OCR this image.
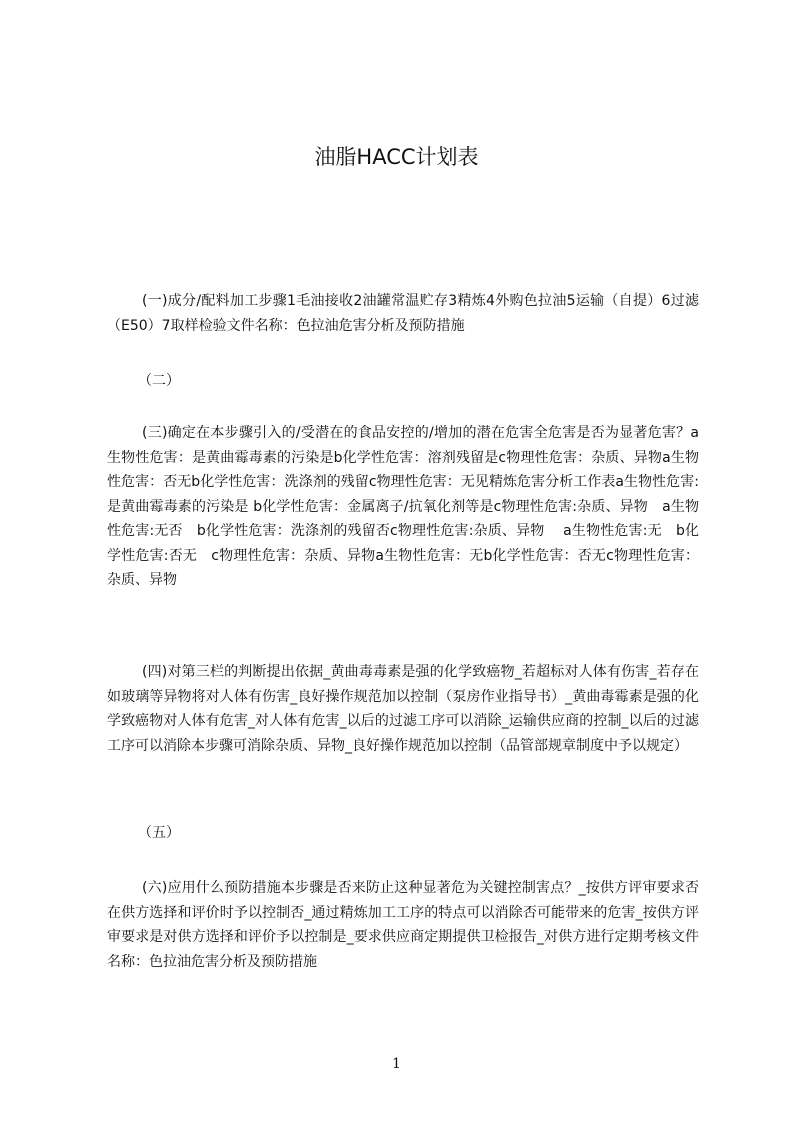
油脂HACC计划表
(一)成分/配料加工步骤1毛油接收2油罐常温贮存3精炼4外购色拉油5运输（自提）6过滤（E50）7取样检验文件名称：色拉油危害分析及预防措施
（二）
(三)确定在本步骤引入的/受潜在的食品安控的/增加的潜在危害全危害是否为显著危害？a生物性危害：是黄曲霉毒素的污染是b化学性危害：溶剂残留是c物理性危害：杂质、异物a生物性危害：否无b化学性危害：洗涤剂的残留c物理性危害：无见精炼危害分析工作表a生物性危害:是黄曲霉毒素的污染是 b化学性危害：金属离子/抗氧化剂等是c物理性危害:杂质、异物　a生物性危害:无否　b化学性危害：洗涤剂的残留否c物理性危害:杂质、异物　 a生物性危害:无　b化学性危害:否无　c物理性危害：杂质、异物a生物性危害：无b化学性危害：否无c物理性危害：杂质、异物
(四)对第三栏的判断提出依据_黄曲毒毒素是强的化学致癌物_若超标对人体有伤害_若存在如玻璃等异物将对人体有伤害_良好操作规范加以控制（泵房作业指导书）_黄曲毒霉素是强的化学致癌物对人体有危害_对人体有危害_以后的过滤工序可以消除_运输供应商的控制_以后的过滤工序可以消除本步骤可消除杂质、异物_良好操作规范加以控制（品管部规章制度中予以规定）
（五）
(六)应用什么预防措施本步骤是否来防止这种显著危为关键控制害点？_按供方评审要求否在供方选择和评价时予以控制否_通过精炼加工工序的特点可以消除否可能带来的危害_按供方评审要求是对供方选择和评价予以控制是_要求供应商定期提供卫检报告_对供方进行定期考核文件名称：色拉油危害分析及预防措施
1
